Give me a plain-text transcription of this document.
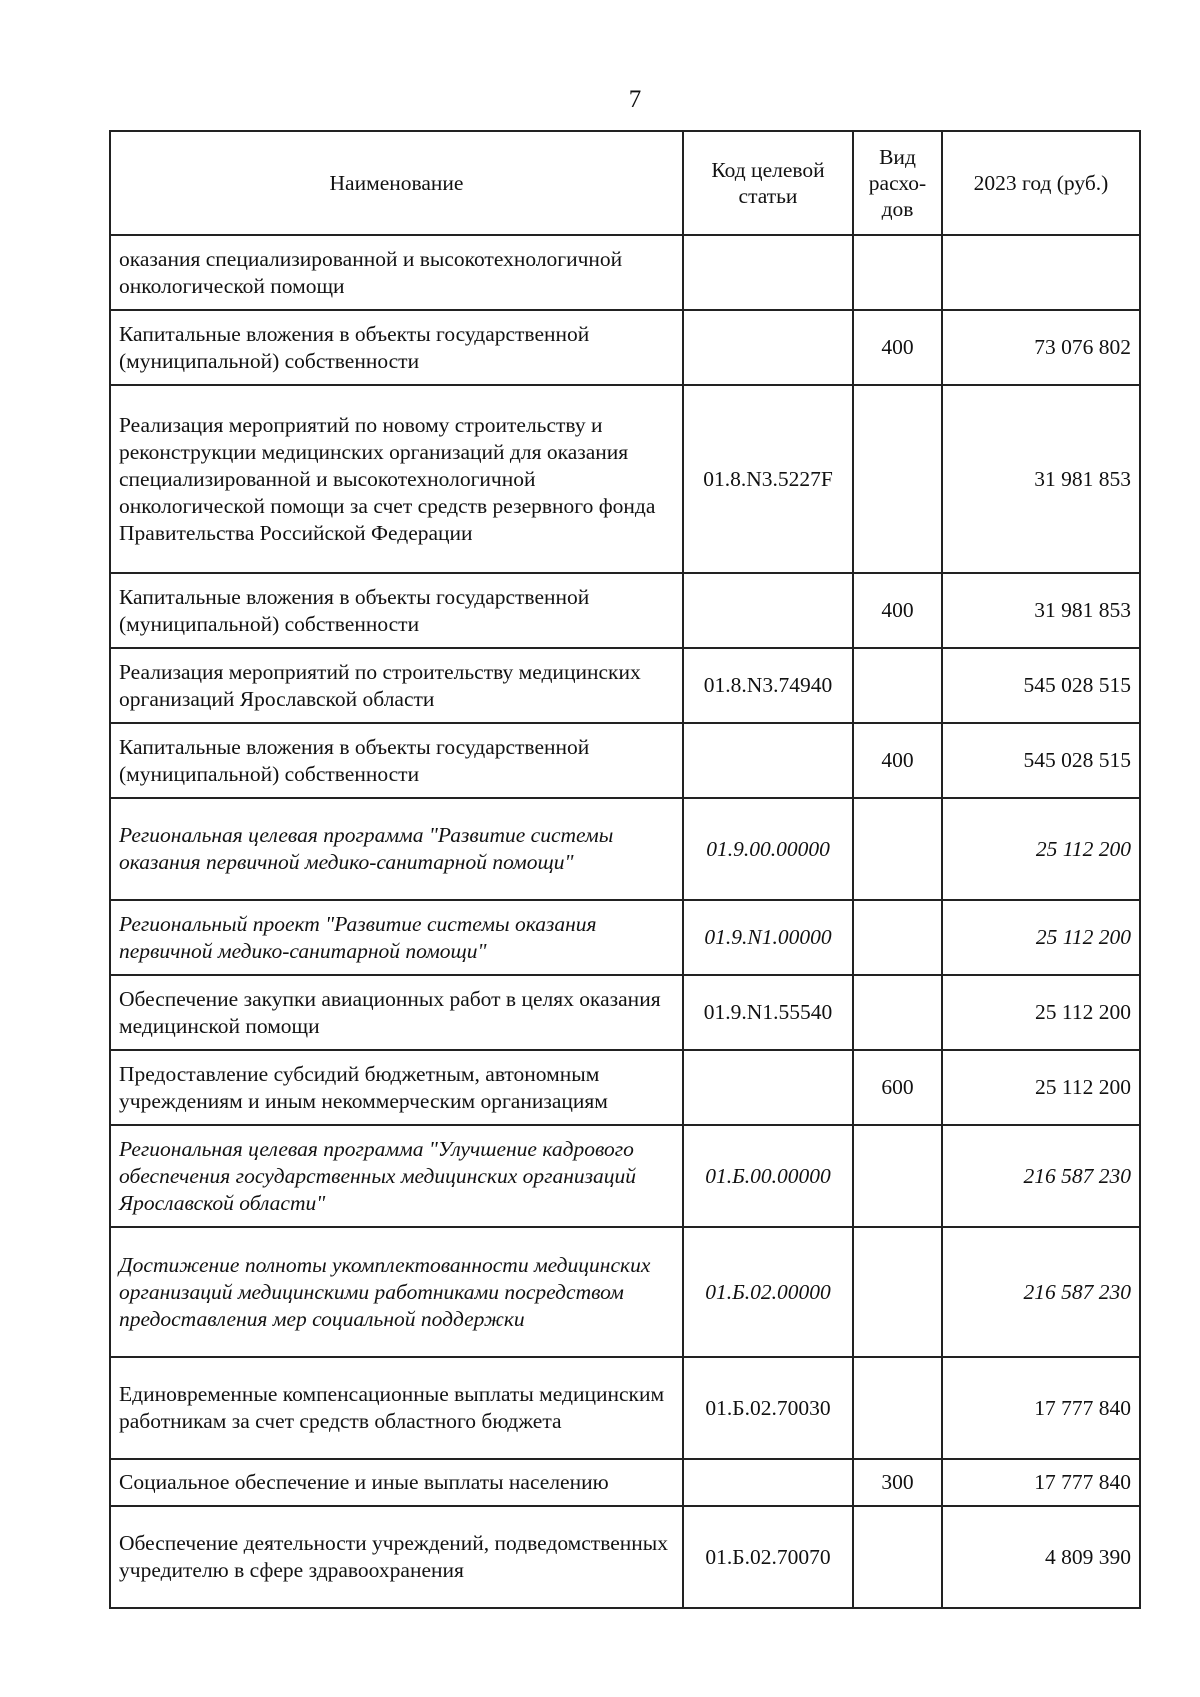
7
Наименование	Код целевой статьи	Вид расхо-дов	2023 год (руб.)
оказания специализированной и высокотехнологичной онкологической помощи			
Капитальные вложения в объекты государственной (муниципальной) собственности		400	73 076 802
Реализация мероприятий по новому строительству и реконструкции медицинских организаций для оказания специализированной и высокотехнологичной онкологической помощи за счет средств резервного фонда Правительства Российской Федерации	01.8.N3.5227F		31 981 853
Капитальные вложения в объекты государственной (муниципальной) собственности		400	31 981 853
Реализация мероприятий по строительству медицинских организаций Ярославской области	01.8.N3.74940		545 028 515
Капитальные вложения в объекты государственной (муниципальной) собственности		400	545 028 515
Региональная целевая программа "Развитие системы оказания первичной медико-санитарной помощи"	01.9.00.00000		25 112 200
Региональный проект "Развитие системы оказания первичной медико-санитарной помощи"	01.9.N1.00000		25 112 200
Обеспечение закупки авиационных работ в целях оказания медицинской помощи	01.9.N1.55540		25 112 200
Предоставление субсидий бюджетным, автономным учреждениям и иным некоммерческим организациям		600	25 112 200
Региональная целевая программа "Улучшение кадрового обеспечения государственных медицинских организаций Ярославской области"	01.Б.00.00000		216 587 230
Достижение полноты укомплектованности медицинских организаций медицинскими работниками посредством предоставления мер социальной поддержки	01.Б.02.00000		216 587 230
Единовременные компенсационные выплаты медицинским работникам за счет средств областного бюджета	01.Б.02.70030		17 777 840
Социальное обеспечение и иные выплаты населению		300	17 777 840
Обеспечение деятельности учреждений, подведомственных учредителю в сфере здравоохранения	01.Б.02.70070		4 809 390
